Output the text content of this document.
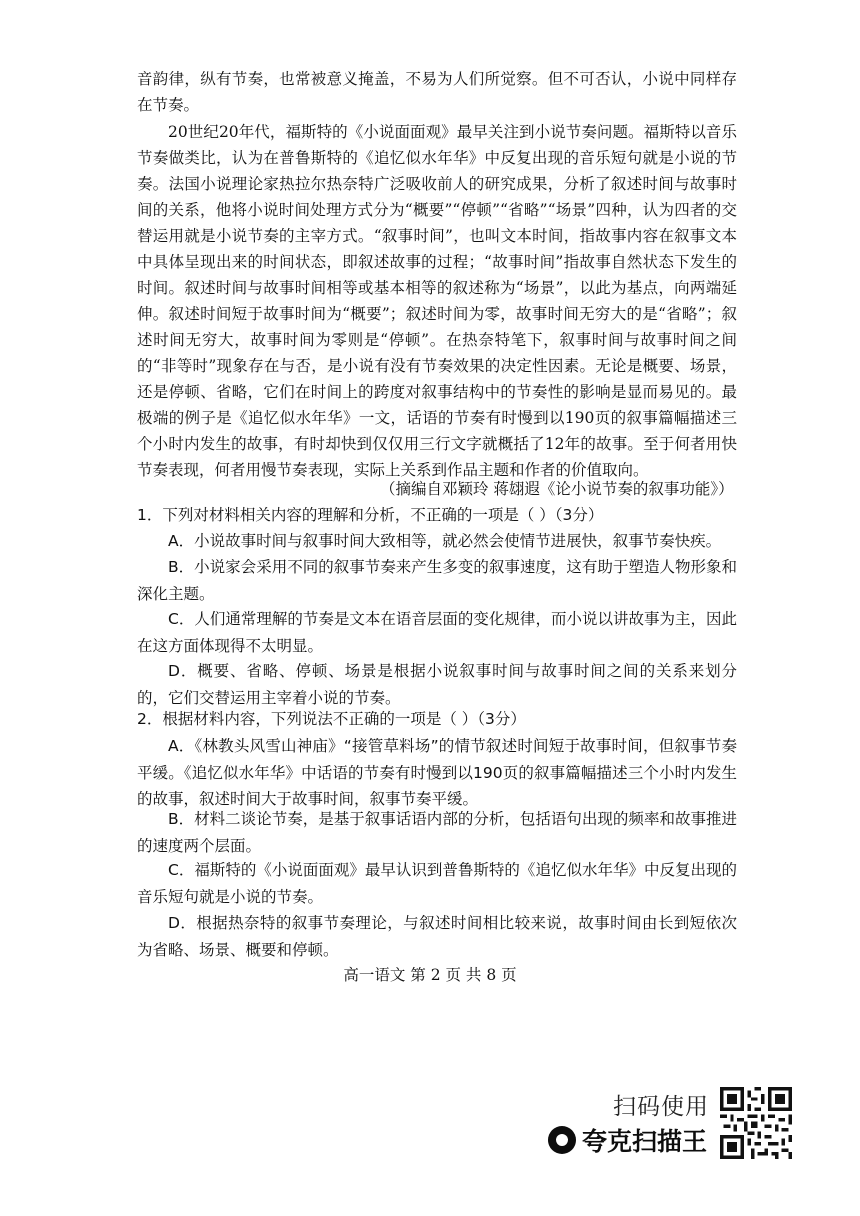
音韵律，纵有节奏，也常被意义掩盖，不易为人们所觉察。但不可否认，小说中同样存在节奏。

20世纪20年代，福斯特的《小说面面观》最早关注到小说节奏问题。福斯特以音乐节奏做类比，认为在普鲁斯特的《追忆似水年华》中反复出现的音乐短句就是小说的节奏。法国小说理论家热拉尔热奈特广泛吸收前人的研究成果，分析了叙述时间与故事时间的关系，他将小说时间处理方式分为“概要”“停顿”“省略”“场景”四种，认为四者的交替运用就是小说节奏的主宰方式。“叙事时间”，也叫文本时间，指故事内容在叙事文本中具体呈现出来的时间状态，即叙述故事的过程；“故事时间”指故事自然状态下发生的时间。叙述时间与故事时间相等或基本相等的叙述称为“场景”，以此为基点，向两端延伸。叙述时间短于故事时间为“概要”；叙述时间为零，故事时间无穷大的是“省略”；叙述时间无穷大，故事时间为零则是“停顿”。在热奈特笔下，叙事时间与故事时间之间的“非等时”现象存在与否，是小说有没有节奏效果的决定性因素。无论是概要、场景，还是停顿、省略，它们在时间上的跨度对叙事结构中的节奏性的影响是显而易见的。最极端的例子是《追忆似水年华》一文，话语的节奏有时慢到以190页的叙事篇幅描述三个小时内发生的故事，有时却快到仅仅用三行文字就概括了12年的故事。至于何者用快节奏表现，何者用慢节奏表现，实际上关系到作品主题和作者的价值取向。

（摘编自邓颖玲 蒋翃遐《论小说节奏的叙事功能》）

1．下列对材料相关内容的理解和分析，不正确的一项是（ ）（3分）

A．小说故事时间与叙事时间大致相等，就必然会使情节进展快，叙事节奏快疾。

B．小说家会采用不同的叙事节奏来产生多变的叙事速度，这有助于塑造人物形象和深化主题。

C．人们通常理解的节奏是文本在语音层面的变化规律，而小说以讲故事为主，因此在这方面体现得不太明显。

D．概要、省略、停顿、场景是根据小说叙事时间与故事时间之间的关系来划分的，它们交替运用主宰着小说的节奏。

2．根据材料内容，下列说法不正确的一项是（ ）（3分）

A．《林教头风雪山神庙》“接管草料场”的情节叙述时间短于故事时间，但叙事节奏平缓。《追忆似水年华》中话语的节奏有时慢到以190页的叙事篇幅描述三个小时内发生的故事，叙述时间大于故事时间，叙事节奏平缓。

B．材料二谈论节奏，是基于叙事话语内部的分析，包括语句出现的频率和故事推进的速度两个层面。

C．福斯特的《小说面面观》最早认识到普鲁斯特的《追忆似水年华》中反复出现的音乐短句就是小说的节奏。

D．根据热奈特的叙事节奏理论，与叙述时间相比较来说，故事时间由长到短依次为省略、场景、概要和停顿。

高一语文 第 2 页 共 8 页
扫码使用
夸克扫描王
